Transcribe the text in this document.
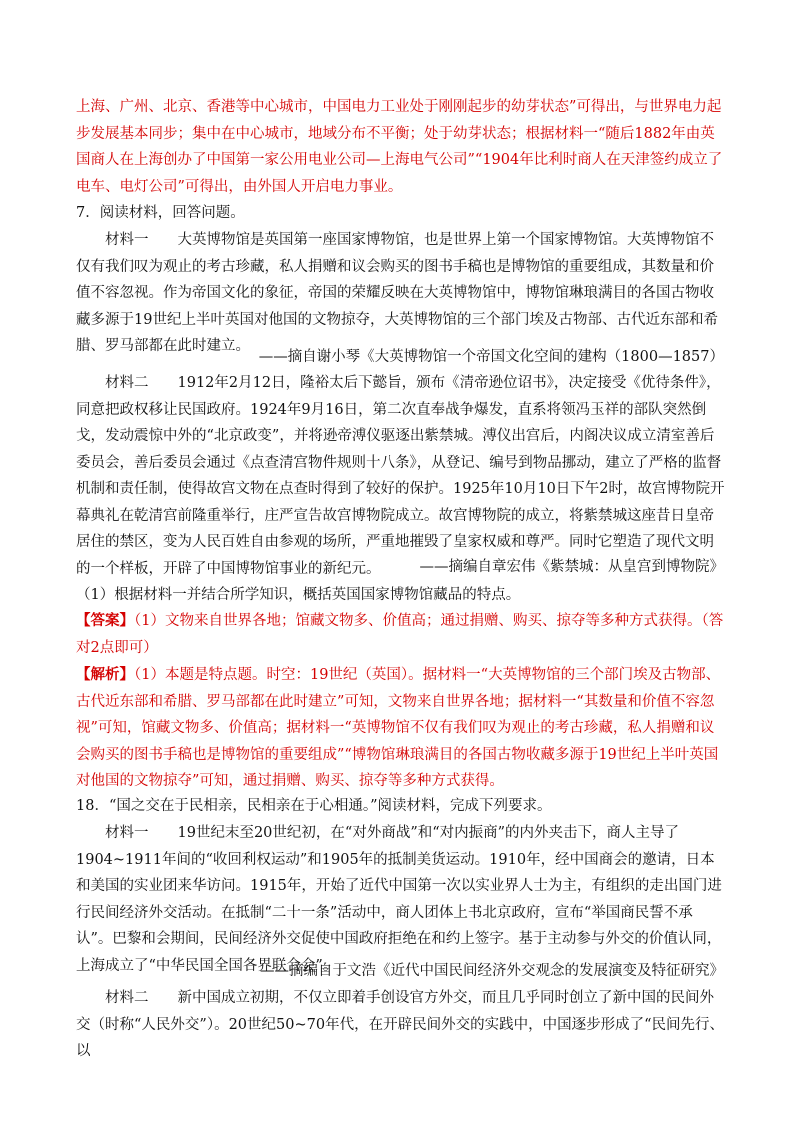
上海、广州、北京、香港等中心城市，中国电力工业处于刚刚起步的幼芽状态”可得出，与世界电力起步发展基本同步；集中在中心城市，地域分布不平衡；处于幼芽状态；根据材料一“随后1882年由英国商人在上海创办了中国第一家公用电业公司—上海电气公司”“1904年比利时商人在天津签约成立了电车、电灯公司”可得出，由外国人开启电力事业。

7．阅读材料，回答问题。

材料一　　大英博物馆是英国第一座国家博物馆，也是世界上第一个国家博物馆。大英博物馆不仅有我们叹为观止的考古珍藏，私人捐赠和议会购买的图书手稿也是博物馆的重要组成，其数量和价值不容忽视。作为帝国文化的象征，帝国的荣耀反映在大英博物馆中，博物馆琳琅满目的各国古物收藏多源于19世纪上半叶英国对他国的文物掠夺，大英博物馆的三个部门埃及古物部、古代近东部和希腊、罗马部都在此时建立。

——摘自谢小琴《大英博物馆一个帝国文化空间的建构（1800—1857）

材料二　　1912年2月12日，隆裕太后下懿旨，颁布《清帝逊位诏书》，决定接受《优待条件》，同意把政权移让民国政府。1924年9月16日，第二次直奉战争爆发，直系将领冯玉祥的部队突然倒戈，发动震惊中外的“北京政变”，并将逊帝溥仪驱逐出紫禁城。溥仪出宫后，内阁决议成立清室善后委员会，善后委员会通过《点查清宫物件规则十八条》，从登记、编号到物品挪动，建立了严格的监督机制和责任制，使得故宫文物在点查时得到了较好的保护。1925年10月10日下午2时，故宫博物院开幕典礼在乾清宫前隆重举行，庄严宣告故宫博物院成立。故宫博物院的成立，将紫禁城这座昔日皇帝居住的禁区，变为人民百姓自由参观的场所，严重地摧毁了皇家权威和尊严。同时它塑造了现代文明的一个样板，开辟了中国博物馆事业的新纪元。	——摘编自章宏伟《紫禁城：从皇宫到博物院》

（1）根据材料一并结合所学知识，概括英国国家博物馆藏品的特点。

【答案】（1）文物来自世界各地；馆藏文物多、价值高；通过捐赠、购买、掠夺等多种方式获得。（答对2点即可）

【解析】（1）本题是特点题。时空：19世纪（英国）。据材料一“大英博物馆的三个部门埃及古物部、古代近东部和希腊、罗马部都在此时建立”可知，文物来自世界各地；据材料一“其数量和价值不容忽视”可知，馆藏文物多、价值高；据材料一“英博物馆不仅有我们叹为观止的考古珍藏，私人捐赠和议会购买的图书手稿也是博物馆的重要组成”“博物馆琳琅满目的各国古物收藏多源于19世纪上半叶英国对他国的文物掠夺”可知，通过捐赠、购买、掠夺等多种方式获得。

18．“国之交在于民相亲，民相亲在于心相通。”阅读材料，完成下列要求。

材料一　　19世纪末至20世纪初，在“对外商战”和“对内振商”的内外夹击下，商人主导了1904~1911年间的“收回利权运动”和1905年的抵制美货运动。1910年，经中国商会的邀请，日本和美国的实业团来华访问。1915年，开始了近代中国第一次以实业界人士为主，有组织的走出国门进行民间经济外交活动。在抵制“二十一条”活动中，商人团体上书北京政府，宣布“举国商民誓不承认”。巴黎和会期间，民间经济外交促使中国政府拒绝在和约上签字。基于主动参与外交的价值认同，上海成立了“中华民国全国各界联合会”。

——摘编自于文浩《近代中国民间经济外交观念的发展演变及特征研究》

材料二　　新中国成立初期，不仅立即着手创设官方外交，而且几乎同时创立了新中国的民间外交（时称“人民外交”）。20世纪50~70年代，在开辟民间外交的实践中，中国逐步形成了“民间先行、以
